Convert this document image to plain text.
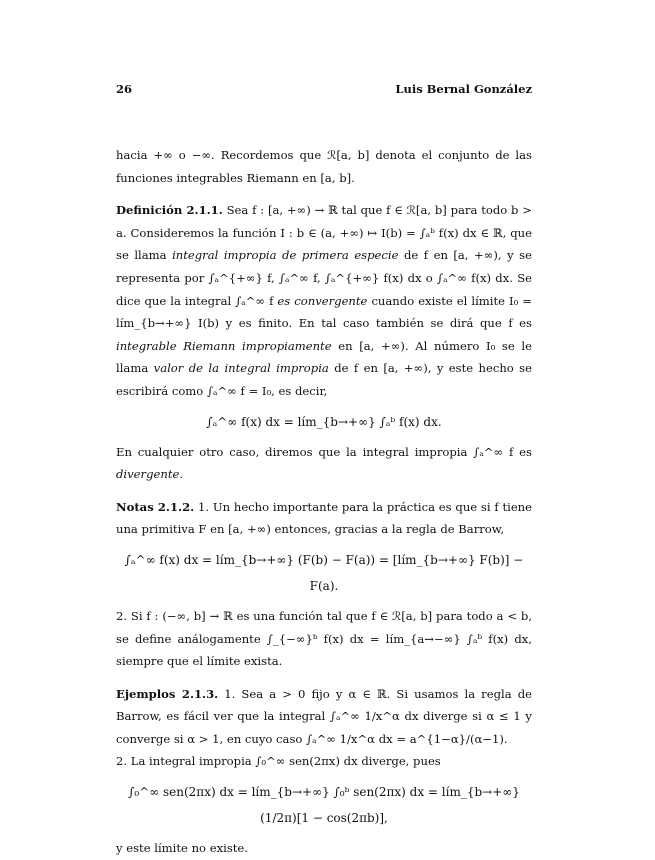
26	Luis Bernal González

hacia +∞ o −∞. Recordemos que ℛ[a, b] denota el conjunto de las funciones integrables Riemann en [a, b].

Definición 2.1.1. Sea f : [a, +∞) → ℝ tal que f ∈ ℛ[a, b] para todo b > a. Consideremos la función I : b ∈ (a, +∞) ↦ I(b) = ∫ₐᵇ f(x) dx ∈ ℝ, que se llama integral impropia de primera especie de f en [a, +∞), y se representa por ∫ₐ^{+∞} f, ∫ₐ^∞ f, ∫ₐ^{+∞} f(x) dx o ∫ₐ^∞ f(x) dx. Se dice que la integral ∫ₐ^∞ f es convergente cuando existe el límite I₀ = lím_{b→+∞} I(b) y es finito. En tal caso también se dirá que f es integrable Riemann impropiamente en [a, +∞). Al número I₀ se le llama valor de la integral impropia de f en [a, +∞), y este hecho se escribirá como ∫ₐ^∞ f = I₀, es decir,

∫ₐ^∞ f(x) dx = lím_{b→+∞} ∫ₐᵇ f(x) dx.

En cualquier otro caso, diremos que la integral impropia ∫ₐ^∞ f es divergente.

Notas 2.1.2. 1. Un hecho importante para la práctica es que si f tiene una primitiva F en [a, +∞) entonces, gracias a la regla de Barrow,

∫ₐ^∞ f(x) dx = lím_{b→+∞} (F(b) − F(a)) = [lím_{b→+∞} F(b)] − F(a).

2. Si f : (−∞, b] → ℝ es una función tal que f ∈ ℛ[a, b] para todo a < b, se define análogamente ∫_{−∞}ᵇ f(x) dx = lím_{a→−∞} ∫ₐᵇ f(x) dx, siempre que el límite exista.

Ejemplos 2.1.3. 1. Sea a > 0 fijo y α ∈ ℝ. Si usamos la regla de Barrow, es fácil ver que la integral ∫ₐ^∞ 1/x^α dx diverge si α ≤ 1 y converge si α > 1, en cuyo caso ∫ₐ^∞ 1/x^α dx = a^{1−α}/(α−1).

2. La integral impropia ∫₀^∞ sen(2πx) dx diverge, pues

∫₀^∞ sen(2πx) dx = lím_{b→+∞} ∫₀ᵇ sen(2πx) dx = lím_{b→+∞} (1/2π)[1 − cos(2πb)],

y este límite no existe.
